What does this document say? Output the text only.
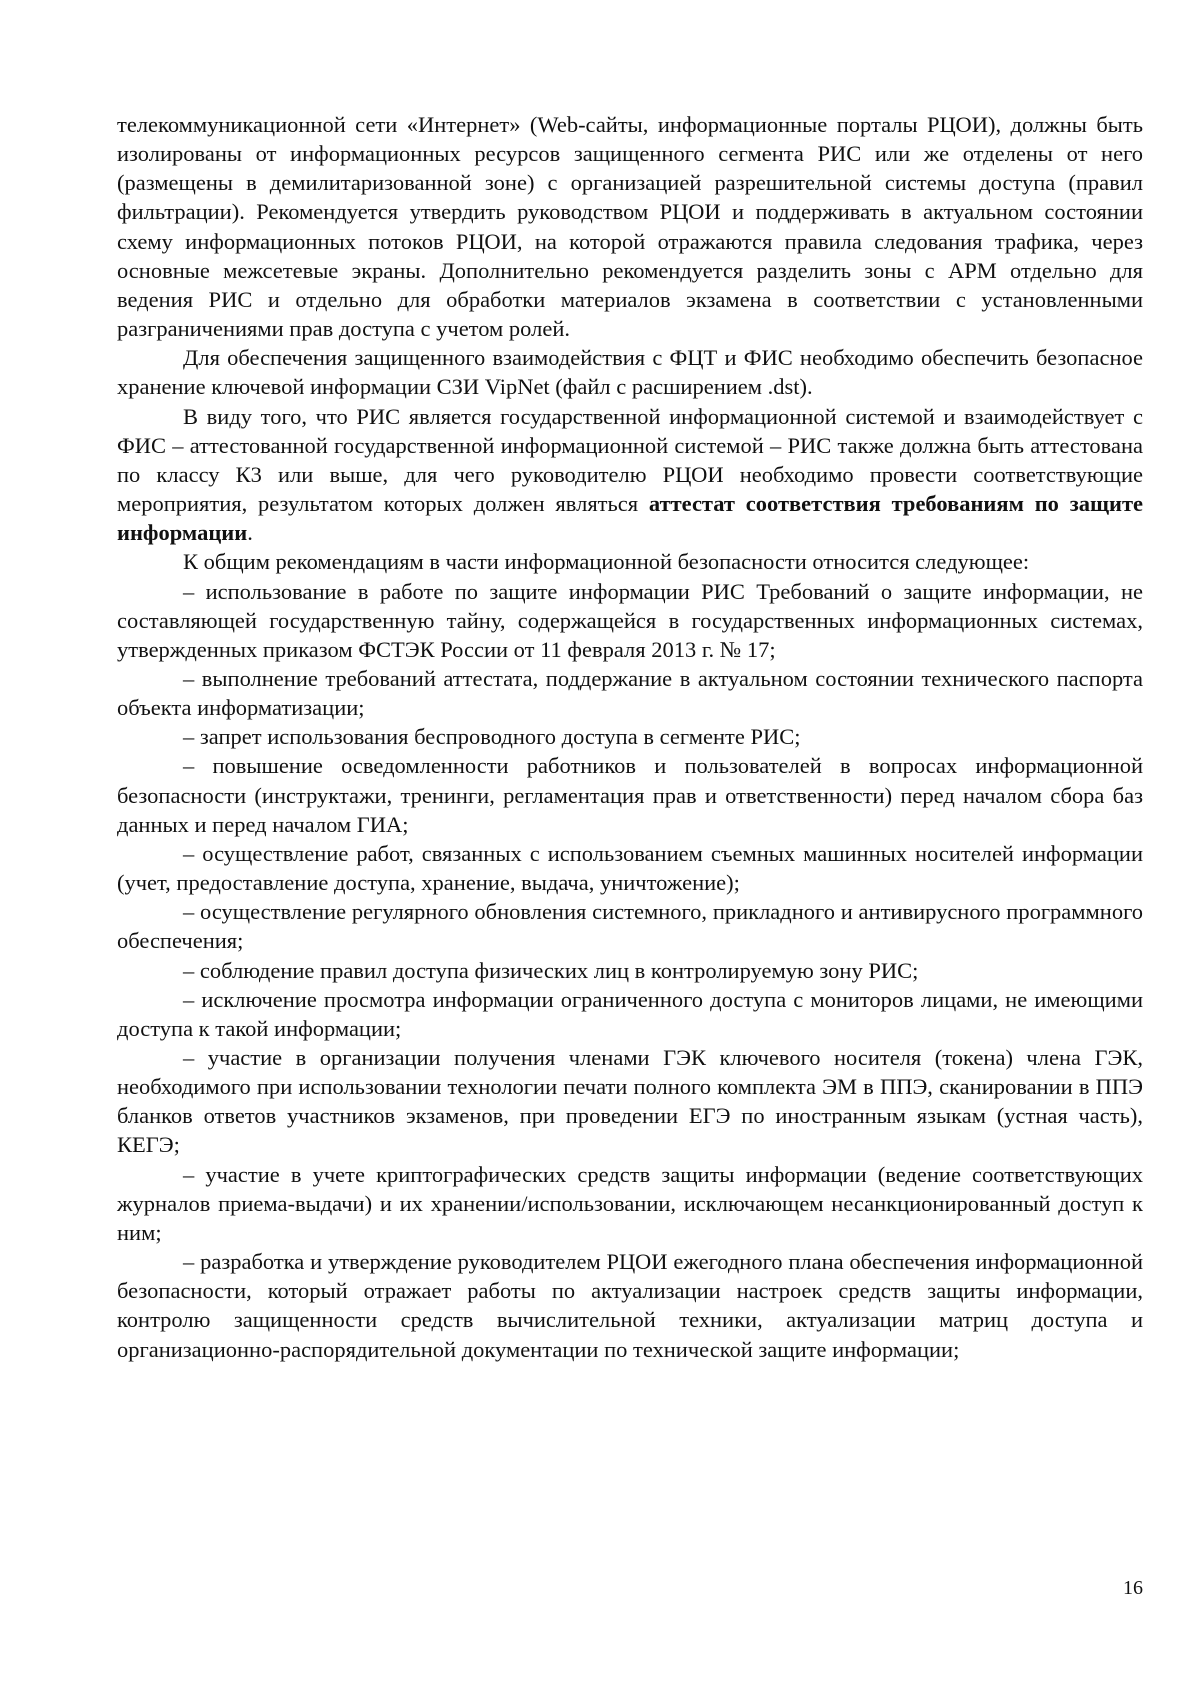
телекоммуникационной сети «Интернет» (Web-сайты, информационные порталы РЦОИ), должны быть изолированы от информационных ресурсов защищенного сегмента РИС или же отделены от него (размещены в демилитаризованной зоне) с организацией разрешительной системы доступа (правил фильтрации). Рекомендуется утвердить руководством РЦОИ и поддерживать в актуальном состоянии схему информационных потоков РЦОИ, на которой отражаются правила следования трафика, через основные межсетевые экраны. Дополнительно рекомендуется разделить зоны с АРМ отдельно для ведения РИС и отдельно для обработки материалов экзамена в соответствии с установленными разграничениями прав доступа с учетом ролей.

Для обеспечения защищенного взаимодействия с ФЦТ и ФИС необходимо обеспечить безопасное хранение ключевой информации СЗИ VipNet (файл с расширением .dst).

В виду того, что РИС является государственной информационной системой и взаимодействует с ФИС – аттестованной государственной информационной системой – РИС также должна быть аттестована по классу К3 или выше, для чего руководителю РЦОИ необходимо провести соответствующие мероприятия, результатом которых должен являться аттестат соответствия требованиям по защите информации.

К общим рекомендациям в части информационной безопасности относится следующее:

– использование в работе по защите информации РИС Требований о защите информации, не составляющей государственную тайну, содержащейся в государственных информационных системах, утвержденных приказом ФСТЭК России от 11 февраля 2013 г. № 17;

– выполнение требований аттестата, поддержание в актуальном состоянии технического паспорта объекта информатизации;

– запрет использования беспроводного доступа в сегменте РИС;

– повышение осведомленности работников и пользователей в вопросах информационной безопасности (инструктажи, тренинги, регламентация прав и ответственности) перед началом сбора баз данных и перед началом ГИА;

– осуществление работ, связанных с использованием съемных машинных носителей информации (учет, предоставление доступа, хранение, выдача, уничтожение);

– осуществление регулярного обновления системного, прикладного и антивирусного программного обеспечения;

– соблюдение правил доступа физических лиц в контролируемую зону РИС;

– исключение просмотра информации ограниченного доступа с мониторов лицами, не имеющими доступа к такой информации;

– участие в организации получения членами ГЭК ключевого носителя (токена) члена ГЭК, необходимого при использовании технологии печати полного комплекта ЭМ в ППЭ, сканировании в ППЭ бланков ответов участников экзаменов, при проведении ЕГЭ по иностранным языкам (устная часть), КЕГЭ;

– участие в учете криптографических средств защиты информации (ведение соответствующих журналов приема-выдачи) и их хранении/использовании, исключающем несанкционированный доступ к ним;

– разработка и утверждение руководителем РЦОИ ежегодного плана обеспечения информационной безопасности, который отражает работы по актуализации настроек средств защиты информации, контролю защищенности средств вычислительной техники, актуализации матриц доступа и организационно-распорядительной документации по технической защите информации;

16
